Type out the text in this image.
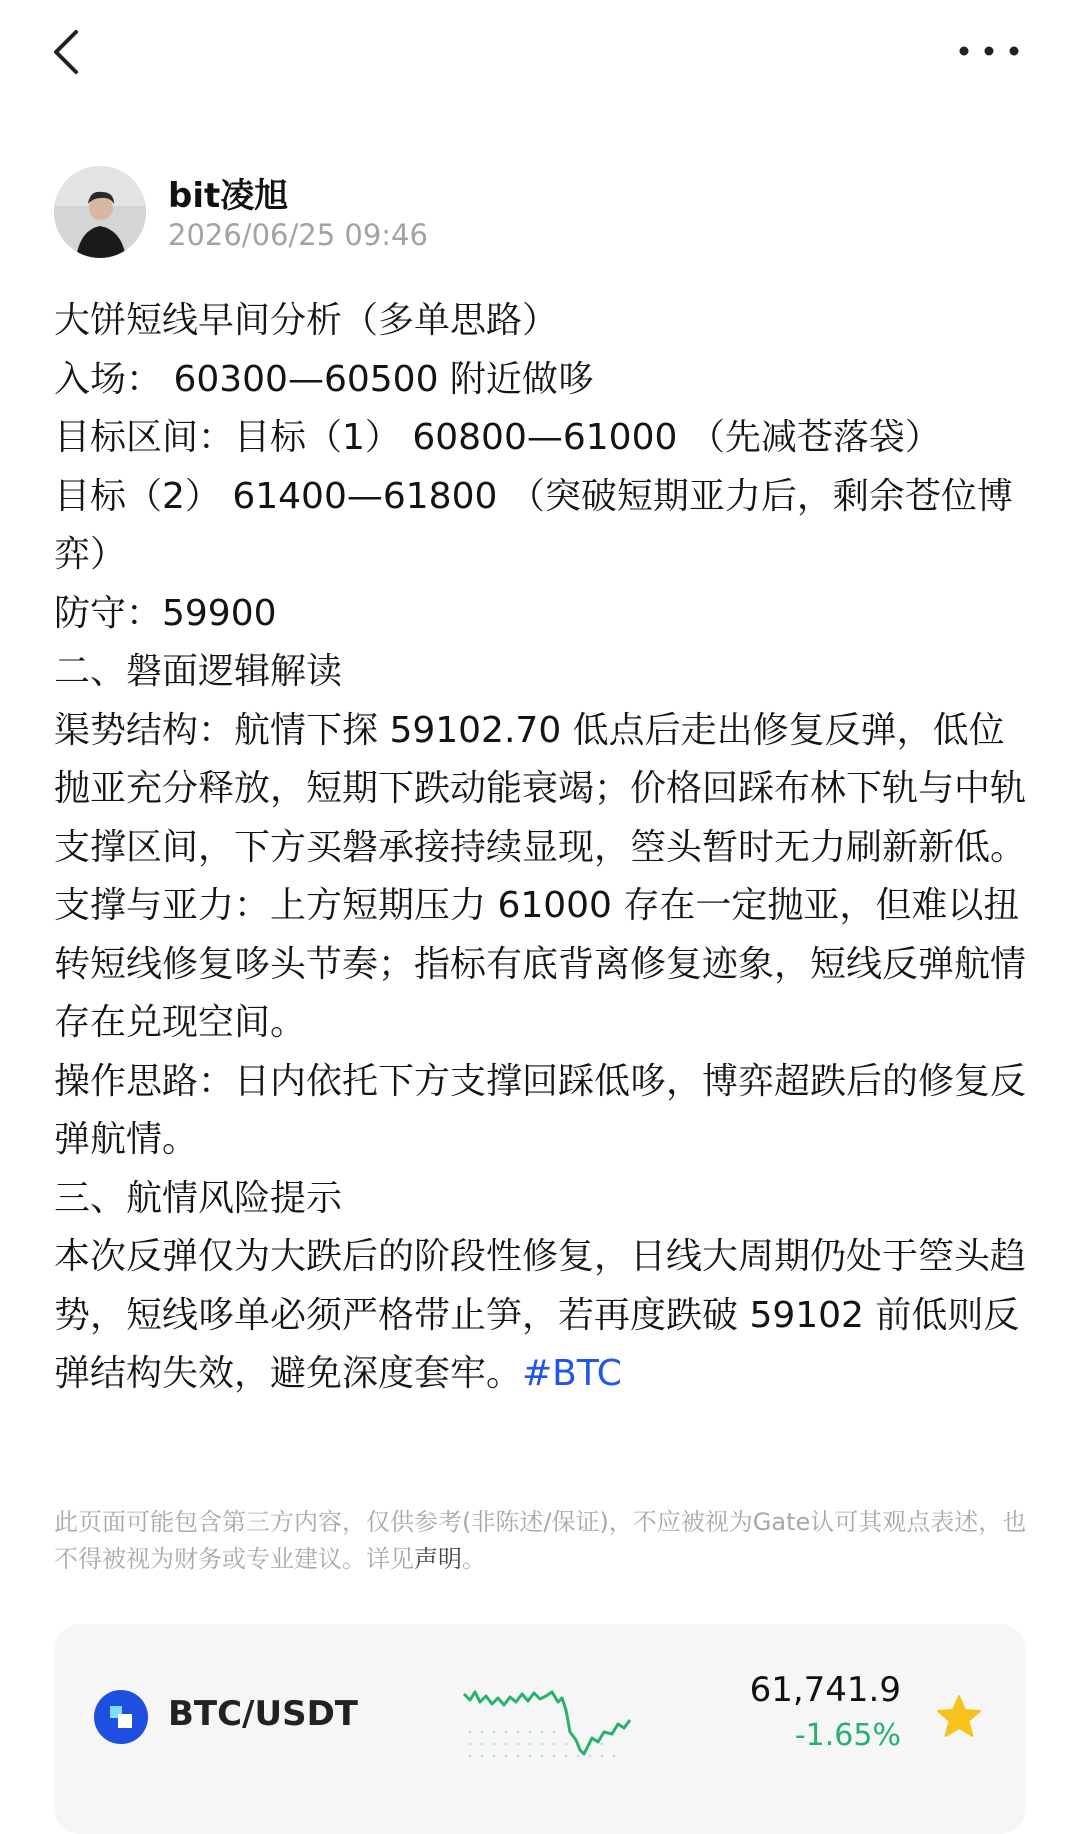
bit凌旭
2026/06/25 09:46

大饼短线早间分析（多单思路）

入场： 60300—60500 附近做哆

目标区间：目标（1） 60800—61000 （先减苍落袋）

目标（2） 61400—61800 （突破短期亚力后，剩余苍位博弈）

防守：59900

二、磐面逻辑解读

渠势结构：航情下探 59102.70 低点后走出修复反弹，低位抛亚充分释放，短期下跌动能衰竭；价格回踩布林下轨与中轨支撑区间，下方买磐承接持续显现，箜头暂时无力刷新新低。

支撑与亚力：上方短期压力 61000 存在一定抛亚，但难以扭转短线修复哆头节奏；指标有底背离修复迹象，短线反弹航情存在兑现空间。

操作思路：日内依托下方支撑回踩低哆，博弈超跌后的修复反弹航情。

三、航情风险提示

本次反弹仅为大跌后的阶段性修复，日线大周期仍处于箜头趋势，短线哆单必须严格带止笋，若再度跌破 59102 前低则反弹结构失效，避免深度套牢。#BTC

此页面可能包含第三方内容，仅供参考(非陈述/保证)，不应被视为Gate认可其观点表述，也不得被视为财务或专业建议。详见声明。
BTC/USDT
61,741.9
-1.65%
